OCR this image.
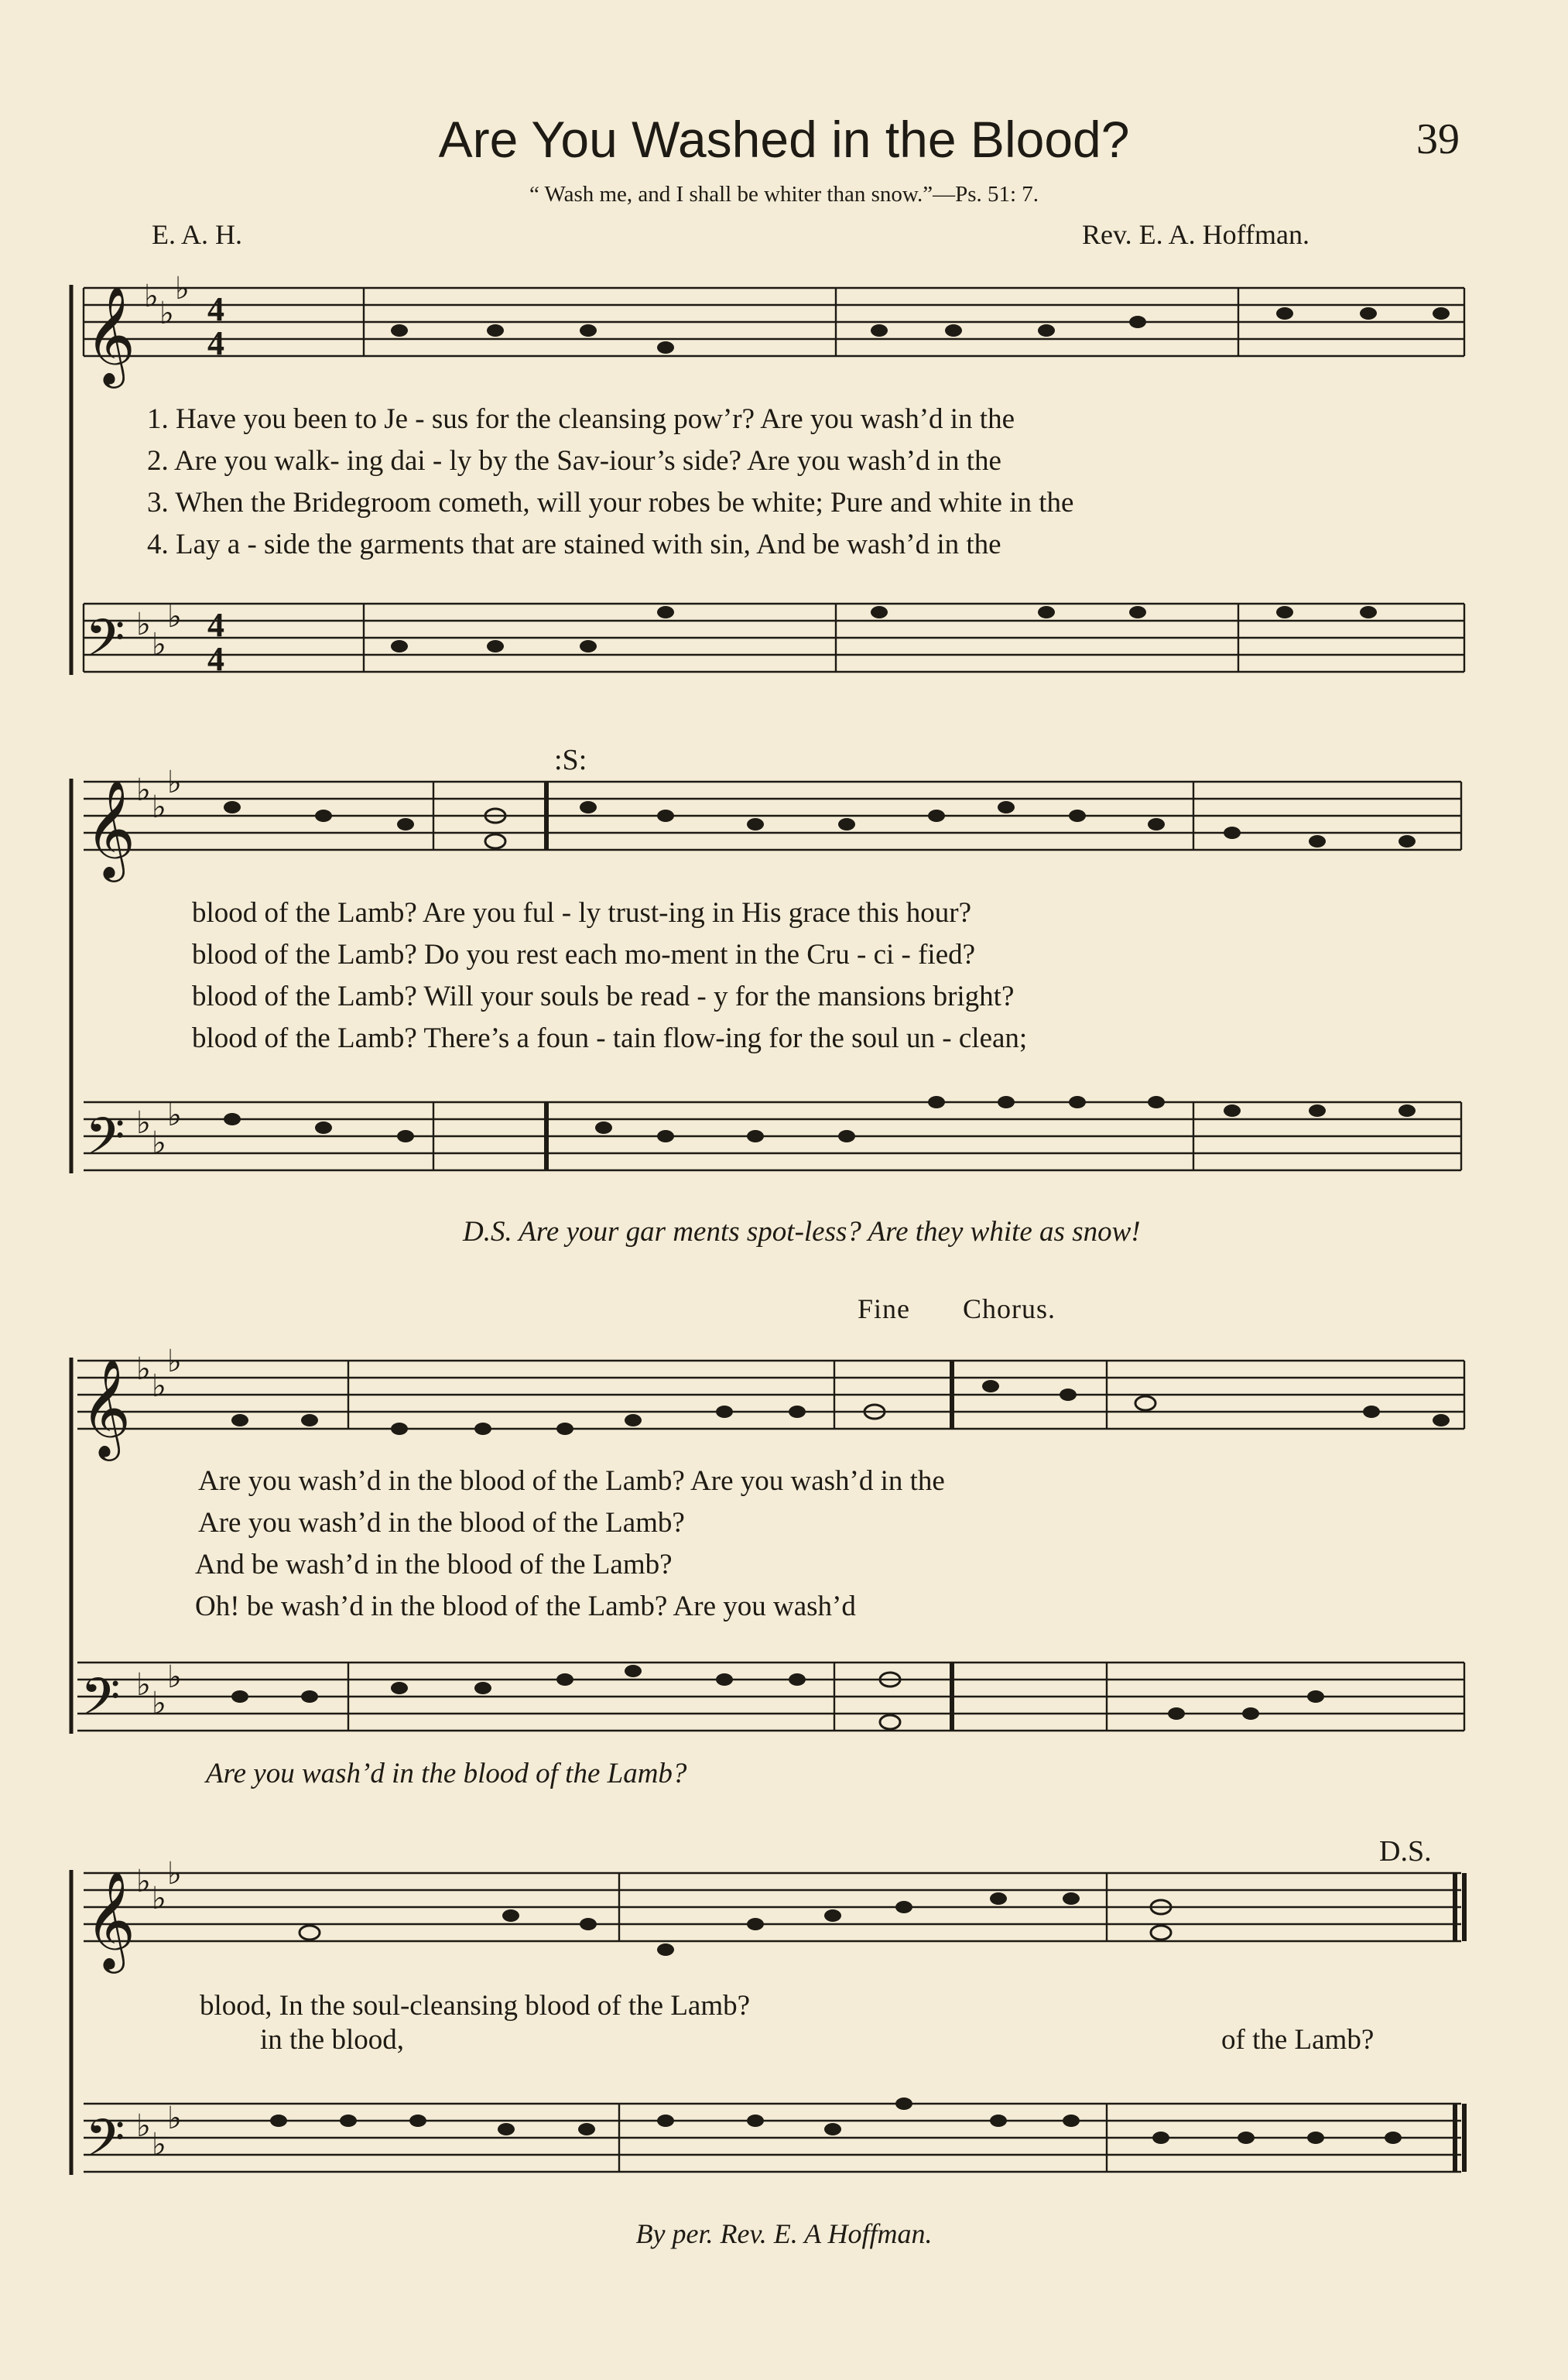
Are You Washed in the Blood?	39
“ Wash me, and I shall be whiter than snow.”—Ps. 51: 7.
E. A. H.	Rev. E. A. Hoffman.
𝄞
𝄢
𝄞
𝄢
𝄞
𝄢
𝄞
𝄢
♭ ♭
♭
♭
♭
♭
♭ ♭
♭
♭
♭
♭
♭ ♭
♭
♭
♭
♭
♭ ♭
♭
♭
♭
♭
4
4
4
4
1. Have you been to Je - sus for the cleansing pow’r? Are you wash’d in the
2. Are you walk- ing dai - ly by the Sav-iour’s side? Are you wash’d in the
3. When the Bridegroom cometh, will your robes be white; Pure and white in the
4. Lay a - side the garments that are stained with sin, And be wash’d in the
:S:
blood of the Lamb? Are you ful - ly trust-ing in His grace this hour?
blood of the Lamb? Do you rest each mo-ment in the Cru - ci - fied?
blood of the Lamb? Will your souls be read - y for the mansions bright?
blood of the Lamb? There’s a foun - tain flow-ing for the soul un - clean;
D.S. Are your gar ments spot-less? Are they white as snow!
Fine Chorus.
Are you wash’d in the blood of the Lamb? Are you wash’d in the
Are you wash’d in the blood of the Lamb?
And be wash’d in the blood of the Lamb?
Oh! be wash’d in the blood of the Lamb? Are you wash’d
Are you wash’d in the blood of the Lamb?
D.S.
blood, In the soul-cleansing blood of the Lamb?
in the blood,	of the Lamb?
By per. Rev. E. A Hoffman.
